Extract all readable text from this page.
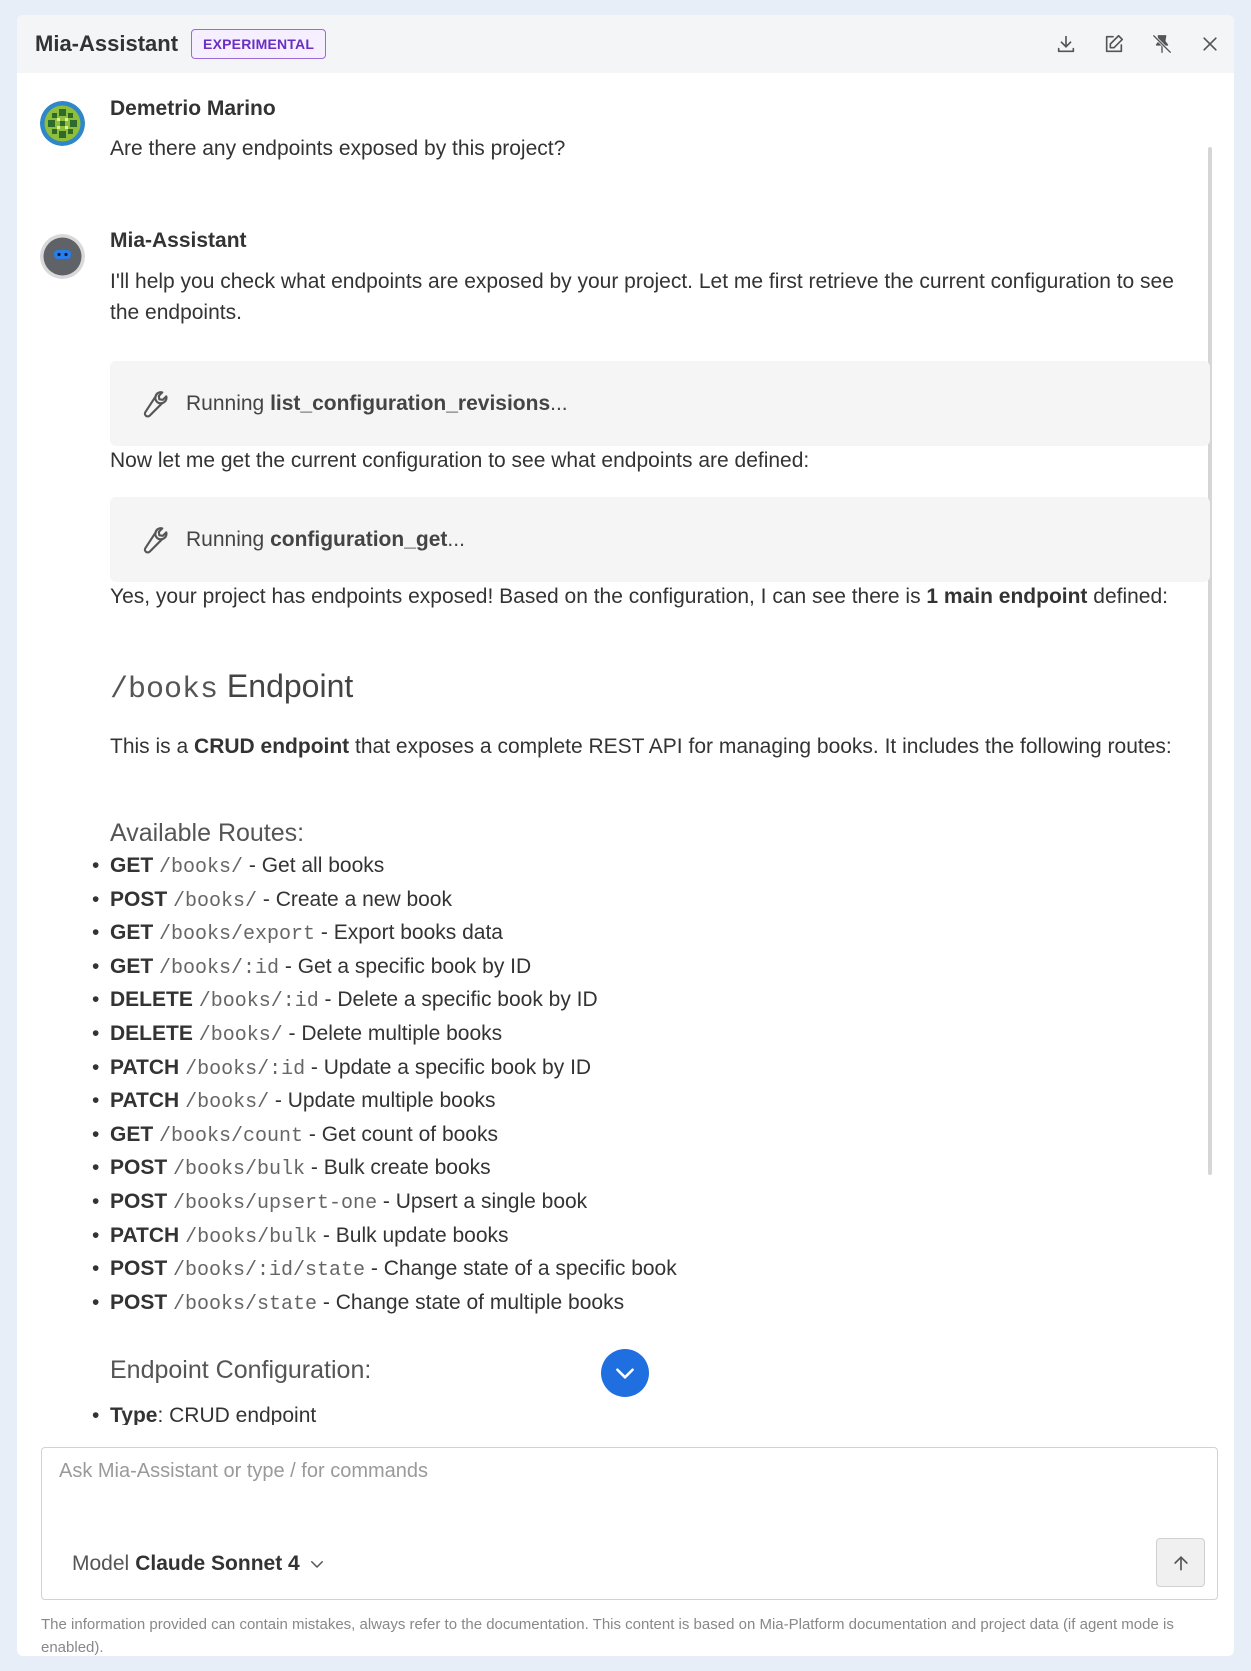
Mia-Assistant	EXPERIMENTAL
Demetrio Marino
Are there any endpoints exposed by this project?
Mia-Assistant
I'll help you check what endpoints are exposed by your project. Let me first retrieve the current configuration to see the endpoints.
Running list_configuration_revisions ...
Now let me get the current configuration to see what endpoints are defined:
Running configuration_get ...
Yes, your project has endpoints exposed! Based on the configuration, I can see there is 1 main endpoint defined:
/books Endpoint
This is a CRUD endpoint that exposes a complete REST API for managing books. It includes the following routes:
Available Routes:
• GET /books/ - Get all books
• POST /books/ - Create a new book
• GET /books/export - Export books data
• GET /books/:id - Get a specific book by ID
• DELETE /books/:id - Delete a specific book by ID
• DELETE /books/ - Delete multiple books
• PATCH /books/:id - Update a specific book by ID
• PATCH /books/ - Update multiple books
• GET /books/count - Get count of books
• POST /books/bulk - Bulk create books
• POST /books/upsert-one - Upsert a single book
• PATCH /books/bulk - Bulk update books
• POST /books/:id/state - Change state of a specific book
• POST /books/state - Change state of multiple books
Endpoint Configuration:
• Type: CRUD endpoint
Ask Mia-Assistant or type / for commands
Model Claude Sonnet 4
The information provided can contain mistakes, always refer to the documentation. This content is based on Mia-Platform documentation and project data (if agent mode is enabled).
